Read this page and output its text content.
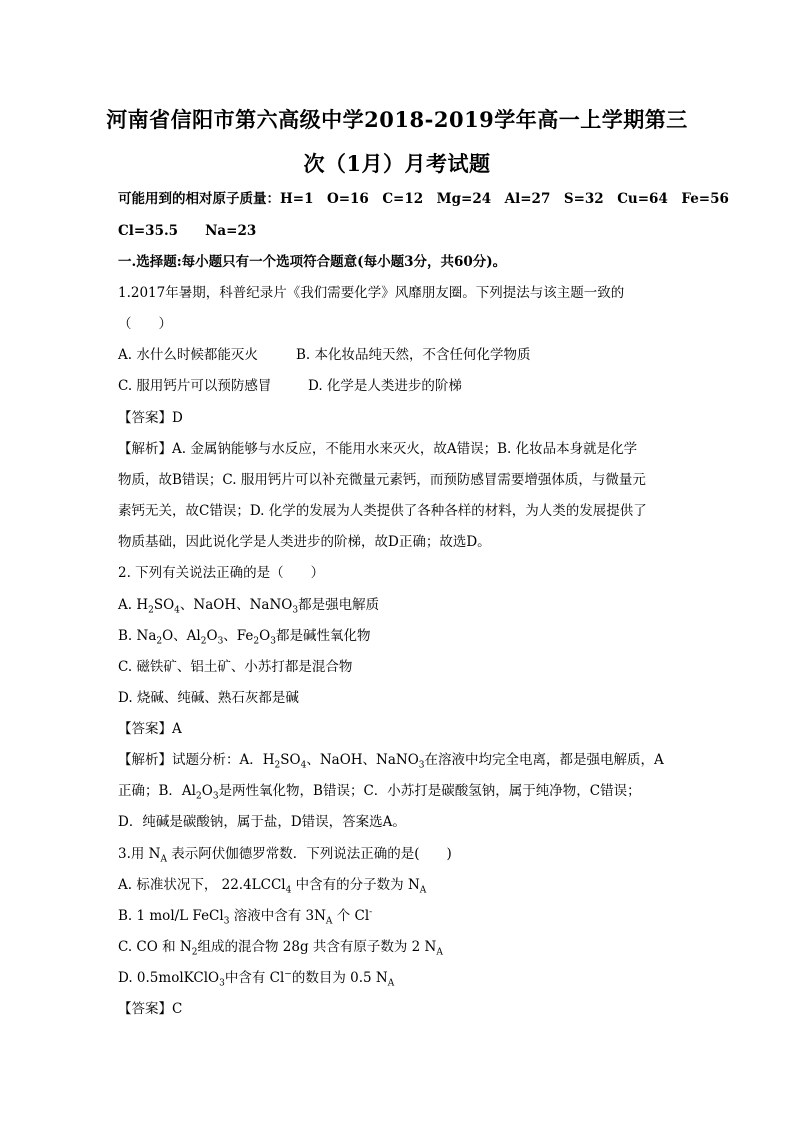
河南省信阳市第六高级中学2018-2019学年高一上学期第三
次（1月）月考试题
可能用到的相对原子质量：H=1　O=16　C=12　Mg=24　Al=27　S=32　Cu=64　Fe=56
Cl=35.5　　Na=23
一.选择题:每小题只有一个选项符合题意(每小题3分，共60分)。
1.2017年暑期，科普纪录片《我们需要化学》风靡朋友圈。下列提法与该主题一致的
（　　）
A. 水什么时候都能灭火	B. 本化妆品纯天然，不含任何化学物质
C. 服用钙片可以预防感冒	D. 化学是人类进步的阶梯
【答案】D
【解析】A. 金属钠能够与水反应，不能用水来灭火，故A错误；B. 化妆品本身就是化学
物质，故B错误；C. 服用钙片可以补充微量元素钙，而预防感冒需要增强体质，与微量元
素钙无关，故C错误；D. 化学的发展为人类提供了各种各样的材料，为人类的发展提供了
物质基础，因此说化学是人类进步的阶梯，故D正确；故选D。
2. 下列有关说法正确的是（　　）
A. $H_2SO_4$、NaOH、NaNO$_3$都是强电解质
B. $Na_2O$、$Al_2O_3$、$Fe_2O_3$都是碱性氧化物
C. 磁铁矿、铝土矿、小苏打都是混合物
D. 烧碱、纯碱、熟石灰都是碱
【答案】A
【解析】试题分析：A．$H_2SO_4$、NaOH、NaNO$_3$在溶液中均完全电离，都是强电解质，A
正确；B．$Al_2O_3$是两性氧化物，B错误；C．小苏打是碳酸氢钠，属于纯净物，C错误；
D．纯碱是碳酸钠，属于盐，D错误，答案选A。
3.用 $N_A$ 表示阿伏伽德罗常数．下列说法正确的是(　　)
A. 标准状况下， 22.4LCCl$_4$ 中含有的分子数为 $N_A$
B. 1 mol/L FeCl$_3$ 溶液中含有 $3N_A$ 个 Cl-
C. CO 和 $N_2$组成的混合物 28g 共含有原子数为 2 $N_A$
D. 0.5molKClO$_3$中含有 Cl−的数目为 0.5 $N_A$
【答案】C
